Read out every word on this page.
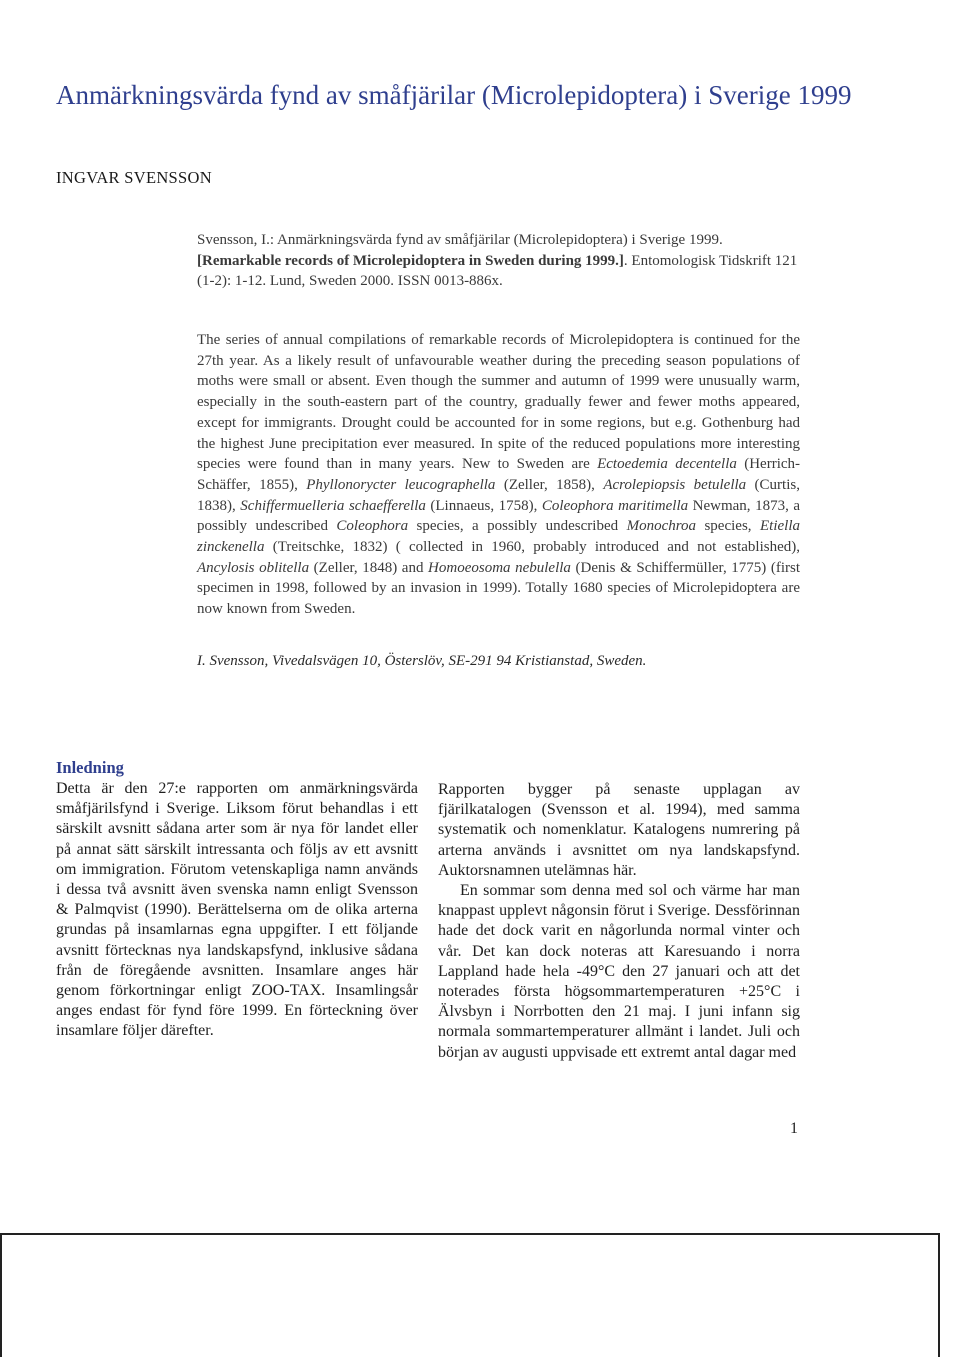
Anmärkningsvärda fynd av småfjärilar (Microlepidoptera) i Sverige 1999

INGVAR SVENSSON

Svensson, I.: Anmärkningsvärda fynd av småfjärilar (Microlepidoptera) i Sverige 1999. [Remarkable records of Microlepidoptera in Sweden during 1999.]. Entomologisk Tidskrift 121 (1-2): 1-12. Lund, Sweden 2000. ISSN 0013-886x.

The series of annual compilations of remarkable records of Microlepidoptera is continued for the 27th year. As a likely result of unfavourable weather during the preceding season populations of moths were small or absent. Even though the summer and autumn of 1999 were unusually warm, especially in the south-eastern part of the country, gradually fewer and fewer moths appeared, except for immigrants. Drought could be accounted for in some regions, but e.g. Gothenburg had the highest June precipitation ever measured. In spite of the reduced populations more interesting species were found than in many years. New to Sweden are Ectoedemia decentella (Herrich-Schäffer, 1855), Phyllonorycter leucographella (Zeller, 1858), Acrolepiopsis betulella (Curtis, 1838), Schiffermuelleria schaefferella (Linnaeus, 1758), Coleophora maritimella Newman, 1873, a possibly undescribed Coleophora species, a possibly undescribed Monochroa species, Etiella zinckenella (Treitschke, 1832) ( collected in 1960, probably introduced and not established), Ancylosis oblitella (Zeller, 1848) and Homoeosoma nebulella (Denis & Schiffermüller, 1775) (first specimen in 1998, followed by an invasion in 1999). Totally 1680 species of Microlepidoptera are now known from Sweden.

I. Svensson, Vivedalsvägen 10, Österslöv, SE-291 94 Kristianstad, Sweden.

Inledning

Detta är den 27:e rapporten om anmärkningsvärda småfjärilsfynd i Sverige. Liksom förut behandlas i ett särskilt avsnitt sådana arter som är nya för landet eller på annat sätt särskilt intressanta och följs av ett avsnitt om immigration. Förutom vetenskapliga namn används i dessa två avsnitt även svenska namn enligt Svensson & Palmqvist (1990). Berättelserna om de olika arterna grundas på insamlarnas egna uppgifter. I ett följande avsnitt förtecknas nya landskapsfynd, inklusive sådana från de föregående avsnitten. Insamlare anges här genom förkortningar enligt ZOO-TAX. Insamlingsår anges endast för fynd före 1999. En förteckning över insamlare följer därefter.

Rapporten bygger på senaste upplagan av fjärilkatalogen (Svensson et al. 1994), med samma systematik och nomenklatur. Katalogens numrering på arterna används i avsnittet om nya landskapsfynd. Auktorsnamnen utelämnas här.

En sommar som denna med sol och värme har man knappast upplevt någonsin förut i Sverige. Dessförinnan hade det dock varit en någorlunda normal vinter och vår. Det kan dock noteras att Karesuando i norra Lappland hade hela -49°C den 27 januari och att det noterades första högsommartemperaturen +25°C i Älvsbyn i Norrbotten den 21 maj. I juni infann sig normala sommartemperaturer allmänt i landet. Juli och början av augusti uppvisade ett extremt antal dagar med

1
